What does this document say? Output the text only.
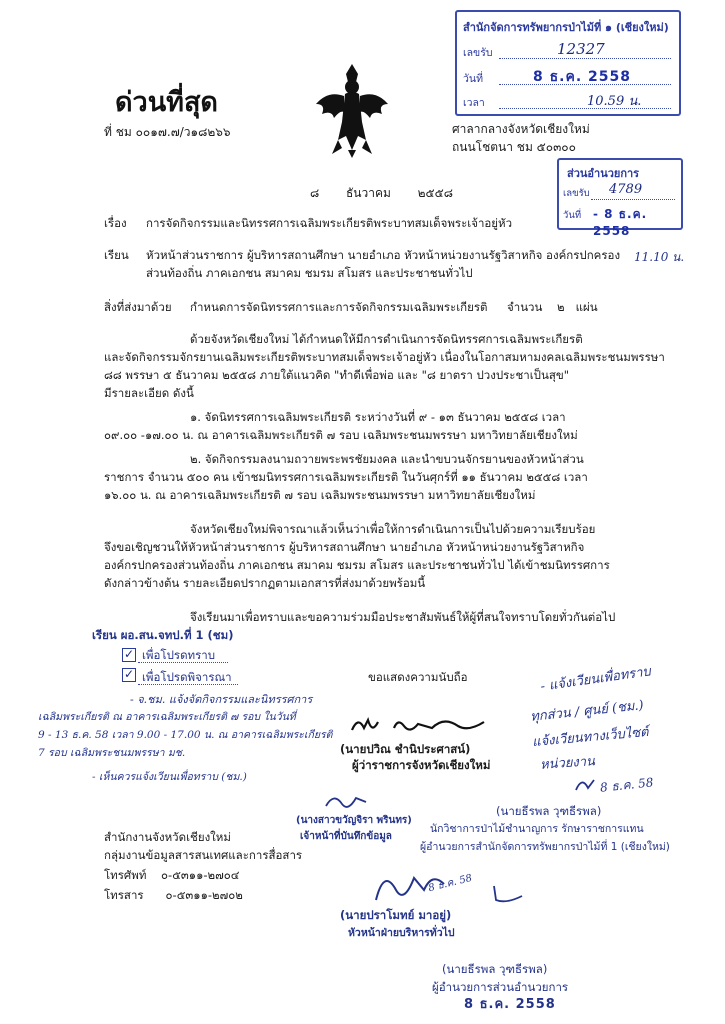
ด่วนที่สุด
ที่ ชม ๐๐๑๗.๗/ว๑๘๒๖๖
สำนักจัดการทรัพยากรป่าไม้ที่ ๑ (เชียงใหม่)
เลขรับ	12327
วันที่	8 ธ.ค. 2558
เวลา	10.59 น.
ศาลากลางจังหวัดเชียงใหม่
ถนนโชตนา ชม ๕๐๓๐๐
ส่วนอำนวยการ
เลขรับ 4789
วันที่ - 8 ธ.ค. 2558
11.10 น.
๘ ธันวาคม ๒๕๕๘
เรื่อง การจัดกิจกรรมและนิทรรศการเฉลิมพระเกียรติพระบาทสมเด็จพระเจ้าอยู่หัว
เรียน หัวหน้าส่วนราชการ ผู้บริหารสถานศึกษา นายอำเภอ หัวหน้าหน่วยงานรัฐวิสาหกิจ องค์กรปกครอง
ส่วนท้องถิ่น ภาคเอกชน สมาคม ชมรม สโมสร และประชาชนทั่วไป
สิ่งที่ส่งมาด้วย กำหนดการจัดนิทรรศการและการจัดกิจกรรมเฉลิมพระเกียรติ จำนวน ๒ แผ่น
ด้วยจังหวัดเชียงใหม่ ได้กำหนดให้มีการดำเนินการจัดนิทรรศการเฉลิมพระเกียรติ
และจัดกิจกรรมจักรยานเฉลิมพระเกียรติพระบาทสมเด็จพระเจ้าอยู่หัว เนื่องในโอกาสมหามงคลเฉลิมพระชนมพรรษา
๘๘ พรรษา ๕ ธันวาคม ๒๕๕๘ ภายใต้แนวคิด "ทำดีเพื่อพ่อ และ "๘ ยาตรา ปวงประชาเป็นสุข"
มีรายละเอียด ดังนี้
๑. จัดนิทรรศการเฉลิมพระเกียรติ ระหว่างวันที่ ๙ - ๑๓ ธันวาคม ๒๕๕๘ เวลา
๐๙.๐๐ -๑๗.๐๐ น. ณ อาคารเฉลิมพระเกียรติ ๗ รอบ เฉลิมพระชนมพรรษา มหาวิทยาลัยเชียงใหม่
๒. จัดกิจกรรมลงนามถวายพระพรชัยมงคล และนำขบวนจักรยานของหัวหน้าส่วน
ราชการ จำนวน ๕๐๐ คน เข้าชมนิทรรศการเฉลิมพระเกียรติ ในวันศุกร์ที่ ๑๑ ธันวาคม ๒๕๕๘ เวลา
๑๖.๐๐ น. ณ อาคารเฉลิมพระเกียรติ ๗ รอบ เฉลิมพระชนมพรรษา มหาวิทยาลัยเชียงใหม่
จังหวัดเชียงใหม่พิจารณาแล้วเห็นว่าเพื่อให้การดำเนินการเป็นไปด้วยความเรียบร้อย
จึงขอเชิญชวนให้หัวหน้าส่วนราชการ ผู้บริหารสถานศึกษา นายอำเภอ หัวหน้าหน่วยงานรัฐวิสาหกิจ
องค์กรปกครองส่วนท้องถิ่น ภาคเอกชน สมาคม ชมรม สโมสร และประชาชนทั่วไป ได้เข้าชมนิทรรศการ
ดังกล่าวข้างต้น รายละเอียดปรากฏตามเอกสารที่ส่งมาด้วยพร้อมนี้
จึงเรียนมาเพื่อทราบและขอความร่วมมือประชาสัมพันธ์ให้ผู้ที่สนใจทราบโดยทั่วกันต่อไป
เรียน ผอ.สน.จทป.ที่ 1 (ชม)
✓ เพื่อโปรดทราบ
✓ เพื่อโปรดพิจารณา
- จ.ชม. แจ้งจัดกิจกรรมและนิทรรศการ
เฉลิมพระเกียรติ ณ อาคารเฉลิมพระเกียรติ ๗ รอบ ในวันที่
9 - 13 ธ.ค. 58 เวลา 9.00 - 17.00 น. ณ อาคารเฉลิมพระเกียรติ
7 รอบ เฉลิมพระชนมพรรษา มช.
- เห็นควรแจ้งเวียนเพื่อทราบ (ชม.)
ขอแสดงความนับถือ
(นายปวิณ ชำนิประศาสน์)
ผู้ว่าราชการจังหวัดเชียงใหม่
- แจ้งเวียนเพื่อทราบ
ทุกส่วน / ศูนย์ (ชม.)
แจ้งเวียนทางเว็บไซต์
หน่วยงาน
8 ธ.ค. 58
(นายธีรพล วุฑธีรพล)
นักวิชาการป่าไม้ชำนาญการ รักษาราชการแทน
ผู้อำนวยการสำนักจัดการทรัพยากรป่าไม้ที่ 1 (เชียงใหม่)
สำนักงานจังหวัดเชียงใหม่
กลุ่มงานข้อมูลสารสนเทศและการสื่อสาร
โทรศัพท์ ๐-๕๓๑๑-๒๗๐๔
โทรสาร ๐-๕๓๑๑-๒๗๐๒
(นางสาวขวัญจิรา พรินทร)
เจ้าหน้าที่บันทึกข้อมูล
8 ธ.ค. 58
(นายปราโมทย์ มาอยู่)
หัวหน้าฝ่ายบริหารทั่วไป
(นายธีรพล วุฑธีรพล)
ผู้อำนวยการส่วนอำนวยการ
8 ธ.ค. 2558
